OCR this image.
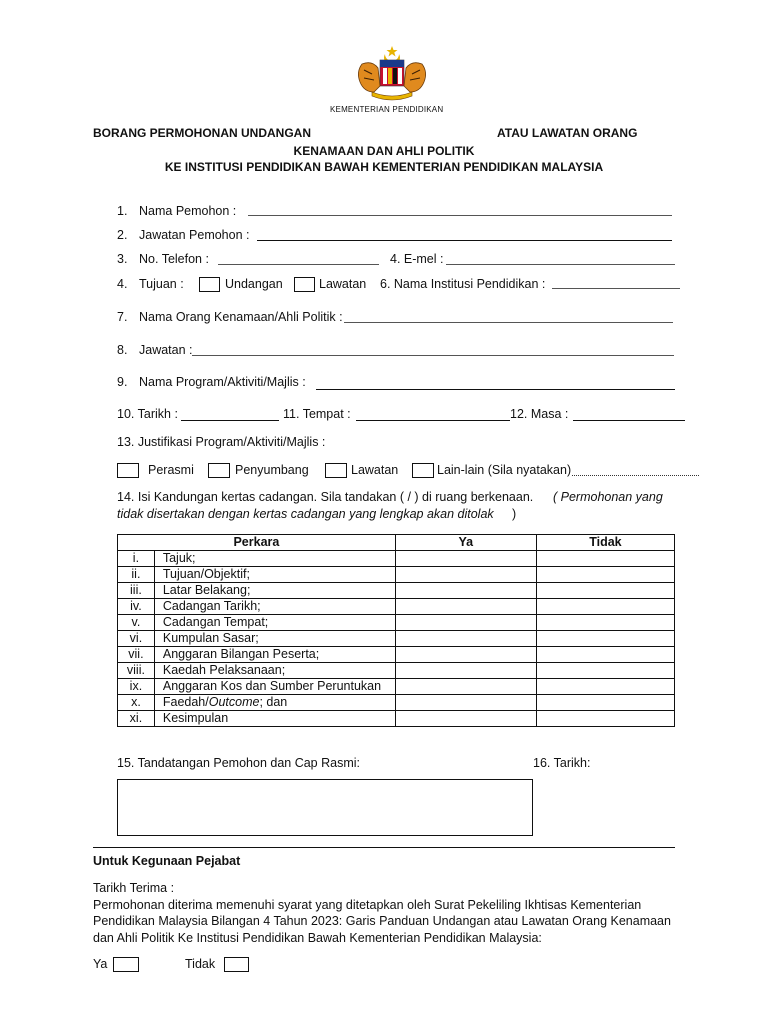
KEMENTERIAN PENDIDIKAN
BORANG PERMOHONAN UNDANGAN	ATAU LAWATAN ORANG
KENAMAAN DAN AHLI POLITIK
KE INSTITUSI PENDIDIKAN BAWAH KEMENTERIAN PENDIDIKAN MALAYSIA
1. Nama Pemohon :
2. Jawatan Pemohon :
3. No. Telefon :	4. E-mel :
4. Tujuan :	Undangan	Lawatan 6. Nama Institusi Pendidikan :
7. Nama Orang Kenamaan/Ahli Politik :
8. Jawatan :
9. Nama Program/Aktiviti/Majlis :
10. Tarikh :	11. Tempat :	12. Masa :
13. Justifikasi Program/Aktiviti/Majlis :
Perasmi	Penyumbang	Lawatan	Lain-lain (Sila nyatakan)
14. Isi Kandungan kertas cadangan. Sila tandakan ( / ) di ruang berkenaan. ( Permohonan yang
tidak disertakan dengan kertas cadangan yang lengkap akan ditolak )
Perkara		Ya	Tidak
i.	Tajuk;		
ii.	Tujuan/Objektif;		
iii.	Latar Belakang;		
iv.	Cadangan Tarikh;		
v.	Cadangan Tempat;		
vi.	Kumpulan Sasar;		
vii.	Anggaran Bilangan Peserta;		
viii.	Kaedah Pelaksanaan;		
ix.	Anggaran Kos dan Sumber Peruntukan		
x.	Faedah/Outcome; dan		
xi.	Kesimpulan		
15. Tandatangan Pemohon dan Cap Rasmi:	16. Tarikh:
Untuk Kegunaan Pejabat
Tarikh Terima :
Permohonan diterima memenuhi syarat yang ditetapkan oleh Surat Pekeliling Ikhtisas Kementerian Pendidikan Malaysia Bilangan 4 Tahun 2023: Garis Panduan Undangan atau Lawatan Orang Kenamaan dan Ahli Politik Ke Institusi Pendidikan Bawah Kementerian Pendidikan Malaysia:
Ya	Tidak
